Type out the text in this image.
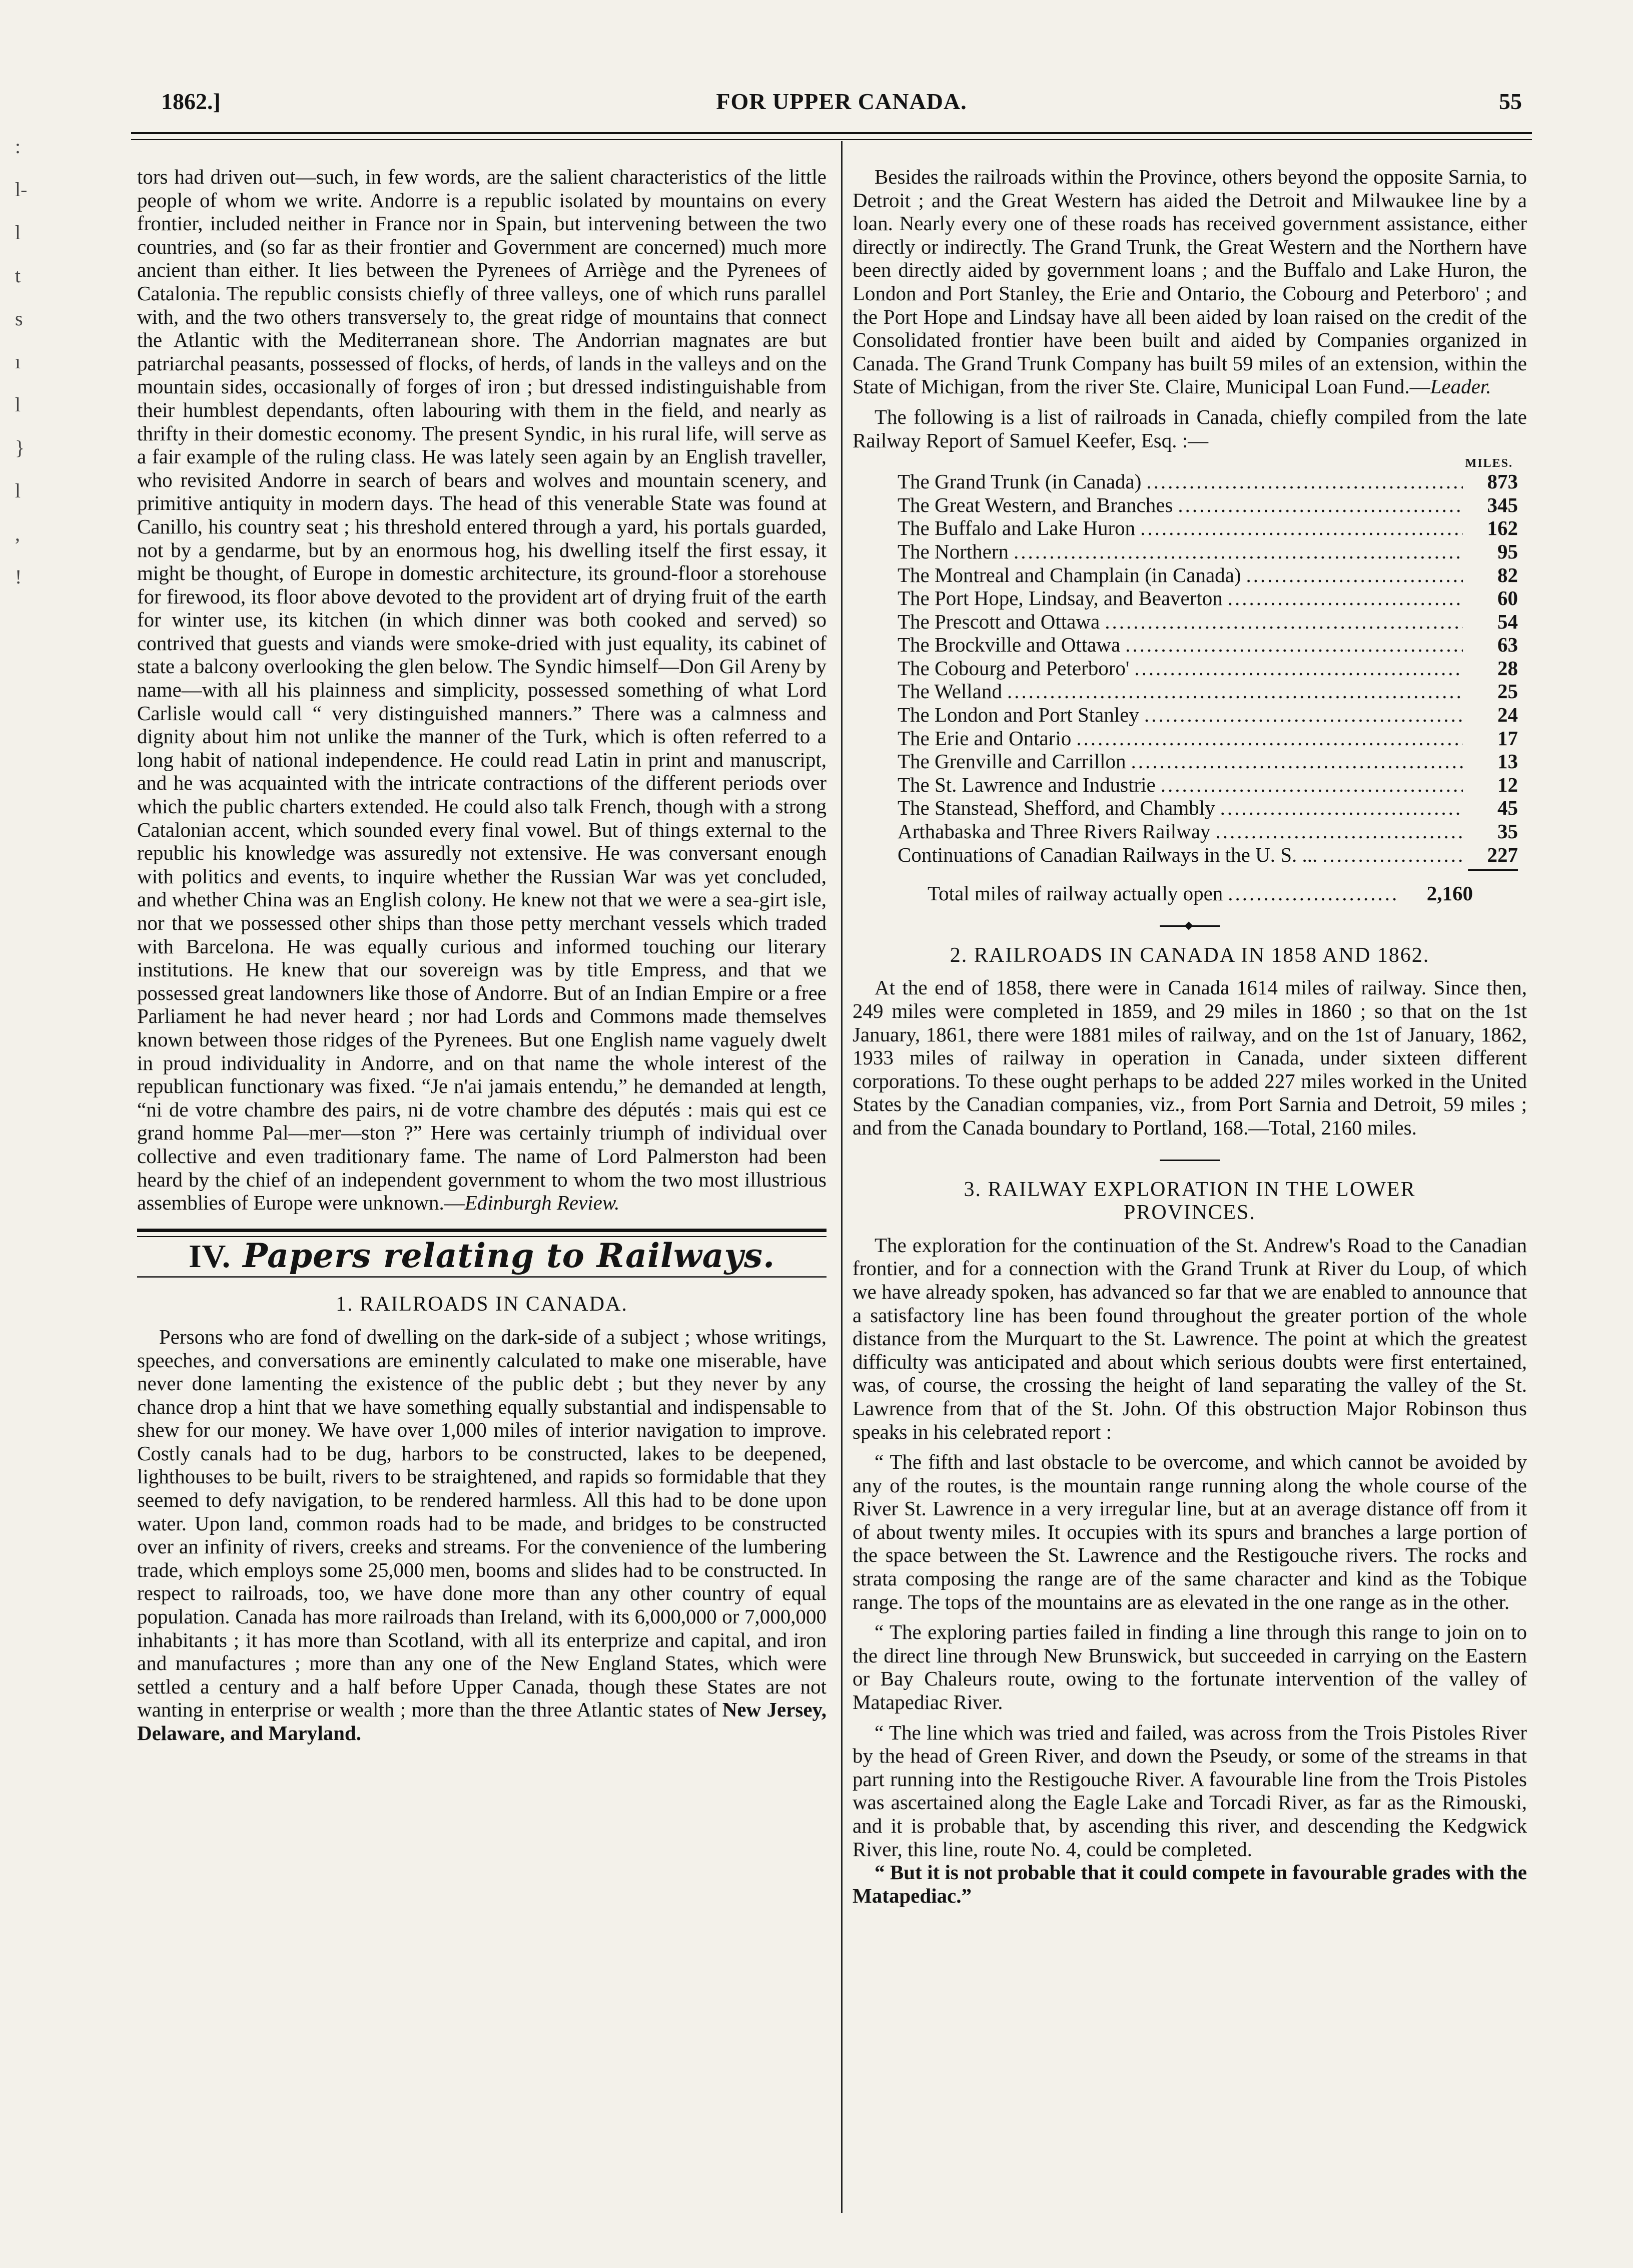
:
l-
l
t
s
ı
l
}
l
,
!
1862.]	FOR UPPER CANADA.	55

tors had driven out—such, in few words, are the salient characteristics of the little people of whom we write. Andorre is a republic isolated by mountains on every frontier, included neither in France nor in Spain, but intervening between the two countries, and (so far as their frontier and Government are concerned) much more ancient than either. It lies between the Pyrenees of Arriège and the Pyrenees of Catalonia. The republic consists chiefly of three valleys, one of which runs parallel with, and the two others transversely to, the great ridge of mountains that connect the Atlantic with the Mediterranean shore. The Andorrian magnates are but patriarchal peasants, possessed of flocks, of herds, of lands in the valleys and on the mountain sides, occasionally of forges of iron ; but dressed indistinguishable from their humblest dependants, often labouring with them in the field, and nearly as thrifty in their domestic economy. The present Syndic, in his rural life, will serve as a fair example of the ruling class. He was lately seen again by an English traveller, who revisited Andorre in search of bears and wolves and mountain scenery, and primitive antiquity in modern days. The head of this venerable State was found at Canillo, his country seat ; his threshold entered through a yard, his portals guarded, not by a gendarme, but by an enormous hog, his dwelling itself the first essay, it might be thought, of Europe in domestic architecture, its ground-floor a storehouse for firewood, its floor above devoted to the provident art of drying fruit of the earth for winter use, its kitchen (in which dinner was both cooked and served) so contrived that guests and viands were smoke-dried with just equality, its cabinet of state a balcony overlooking the glen below. The Syndic himself—Don Gil Areny by name—with all his plainness and simplicity, possessed something of what Lord Carlisle would call “ very distinguished manners.” There was a calmness and dignity about him not unlike the manner of the Turk, which is often referred to a long habit of national independence. He could read Latin in print and manuscript, and he was acquainted with the intricate contractions of the different periods over which the public charters extended. He could also talk French, though with a strong Catalonian accent, which sounded every final vowel. But of things external to the republic his knowledge was assuredly not extensive. He was conversant enough with politics and events, to inquire whether the Russian War was yet concluded, and whether China was an English colony. He knew not that we were a sea-girt isle, nor that we possessed other ships than those petty merchant vessels which traded with Barcelona. He was equally curious and informed touching our literary institutions. He knew that our sovereign was by title Empress, and that we possessed great landowners like those of Andorre. But of an Indian Empire or a free Parliament he had never heard ; nor had Lords and Commons made themselves known between those ridges of the Pyrenees. But one English name vaguely dwelt in proud individuality in Andorre, and on that name the whole interest of the republican functionary was fixed. “Je n'ai jamais entendu,” he demanded at length, “ni de votre chambre des pairs, ni de votre chambre des députés : mais qui est ce grand homme Pal—mer—ston ?” Here was certainly triumph of individual over collective and even traditionary fame. The name of Lord Palmerston had been heard by the chief of an independent government to whom the two most illustrious assemblies of Europe were unknown.—Edinburgh Review.

IV. Papers relating to Railways.
1. RAILROADS IN CANADA.

Persons who are fond of dwelling on the dark-side of a subject ; whose writings, speeches, and conversations are eminently calculated to make one miserable, have never done lamenting the existence of the public debt ; but they never by any chance drop a hint that we have something equally substantial and indispensable to shew for our money. We have over 1,000 miles of interior navigation to improve. Costly canals had to be dug, harbors to be constructed, lakes to be deepened, lighthouses to be built, rivers to be straightened, and rapids so formidable that they seemed to defy navigation, to be rendered harmless. All this had to be done upon water. Upon land, common roads had to be made, and bridges to be constructed over an infinity of rivers, creeks and streams. For the convenience of the lumbering trade, which employs some 25,000 men, booms and slides had to be constructed. In respect to railroads, too, we have done more than any other country of equal population. Canada has more railroads than Ireland, with its 6,000,000 or 7,000,000 inhabitants ; it has more than Scotland, with all its enterprize and capital, and iron and manufactures ; more than any one of the New England States, which were settled a century and a half before Upper Canada, though these States are not wanting in enterprise or wealth ; more than the three Atlantic states of New Jersey, Delaware, and Maryland.

Besides the railroads within the Province, others beyond the opposite Sarnia, to Detroit ; and the Great Western has aided the Detroit and Milwaukee line by a loan. Nearly every one of these roads has received government assistance, either directly or indirectly. The Grand Trunk, the Great Western and the Northern have been directly aided by government loans ; and the Buffalo and Lake Huron, the London and Port Stanley, the Erie and Ontario, the Cobourg and Peterboro' ; and the Port Hope and Lindsay have all been aided by loan raised on the credit of the Consolidated frontier have been built and aided by Companies organized in Canada. The Grand Trunk Company has built 59 miles of an extension, within the State of Michigan, from the river Ste. Claire, Municipal Loan Fund.—Leader.

The following is a list of railroads in Canada, chiefly compiled from the late Railway Report of Samuel Keefer, Esq. :—

MILES.
The Grand Trunk (in Canada) .....	873
The Great Western, and Branches .....	345
The Buffalo and Lake Huron .....	162
The Northern .....	95
The Montreal and Champlain (in Canada) .....	82
The Port Hope, Lindsay, and Beaverton .....	60
The Prescott and Ottawa .....	54
The Brockville and Ottawa .....	63
The Cobourg and Peterboro' .....	28
The Welland .....	25
The London and Port Stanley .....	24
The Erie and Ontario .....	17
The Grenville and Carrillon .....	13
The St. Lawrence and Industrie .....	12
The Stanstead, Shefford, and Chambly .....	45
Arthabaska and Three Rivers Railway .....	35
Continuations of Canadian Railways in the U. S. ... .....	227
Total miles of railway actually open .....	2,160
2. RAILROADS IN CANADA IN 1858 AND 1862.

At the end of 1858, there were in Canada 1614 miles of railway. Since then, 249 miles were completed in 1859, and 29 miles in 1860 ; so that on the 1st January, 1861, there were 1881 miles of railway, and on the 1st of January, 1862, 1933 miles of railway in operation in Canada, under sixteen different corporations. To these ought perhaps to be added 227 miles worked in the United States by the Canadian companies, viz., from Port Sarnia and Detroit, 59 miles ; and from the Canada boundary to Portland, 168.—Total, 2160 miles.

3. RAILWAY EXPLORATION IN THE LOWER
PROVINCES.

The exploration for the continuation of the St. Andrew's Road to the Canadian frontier, and for a connection with the Grand Trunk at River du Loup, of which we have already spoken, has advanced so far that we are enabled to announce that a satisfactory line has been found throughout the greater portion of the whole distance from the Murquart to the St. Lawrence. The point at which the greatest difficulty was anticipated and about which serious doubts were first entertained, was, of course, the crossing the height of land separating the valley of the St. Lawrence from that of the St. John. Of this obstruction Major Robinson thus speaks in his celebrated report :

“ The fifth and last obstacle to be overcome, and which cannot be avoided by any of the routes, is the mountain range running along the whole course of the River St. Lawrence in a very irregular line, but at an average distance off from it of about twenty miles. It occupies with its spurs and branches a large portion of the space between the St. Lawrence and the Restigouche rivers. The rocks and strata composing the range are of the same character and kind as the Tobique range. The tops of the mountains are as elevated in the one range as in the other.

“ The exploring parties failed in finding a line through this range to join on to the direct line through New Brunswick, but succeeded in carrying on the Eastern or Bay Chaleurs route, owing to the fortunate intervention of the valley of Matapediac River.

“ The line which was tried and failed, was across from the Trois Pistoles River by the head of Green River, and down the Pseudy, or some of the streams in that part running into the Restigouche River. A favourable line from the Trois Pistoles was ascertained along the Eagle Lake and Torcadi River, as far as the Rimouski, and it is probable that, by ascending this river, and descending the Kedgwick River, this line, route No. 4, could be completed.

“ But it is not probable that it could compete in favourable grades with the Matapediac.”
